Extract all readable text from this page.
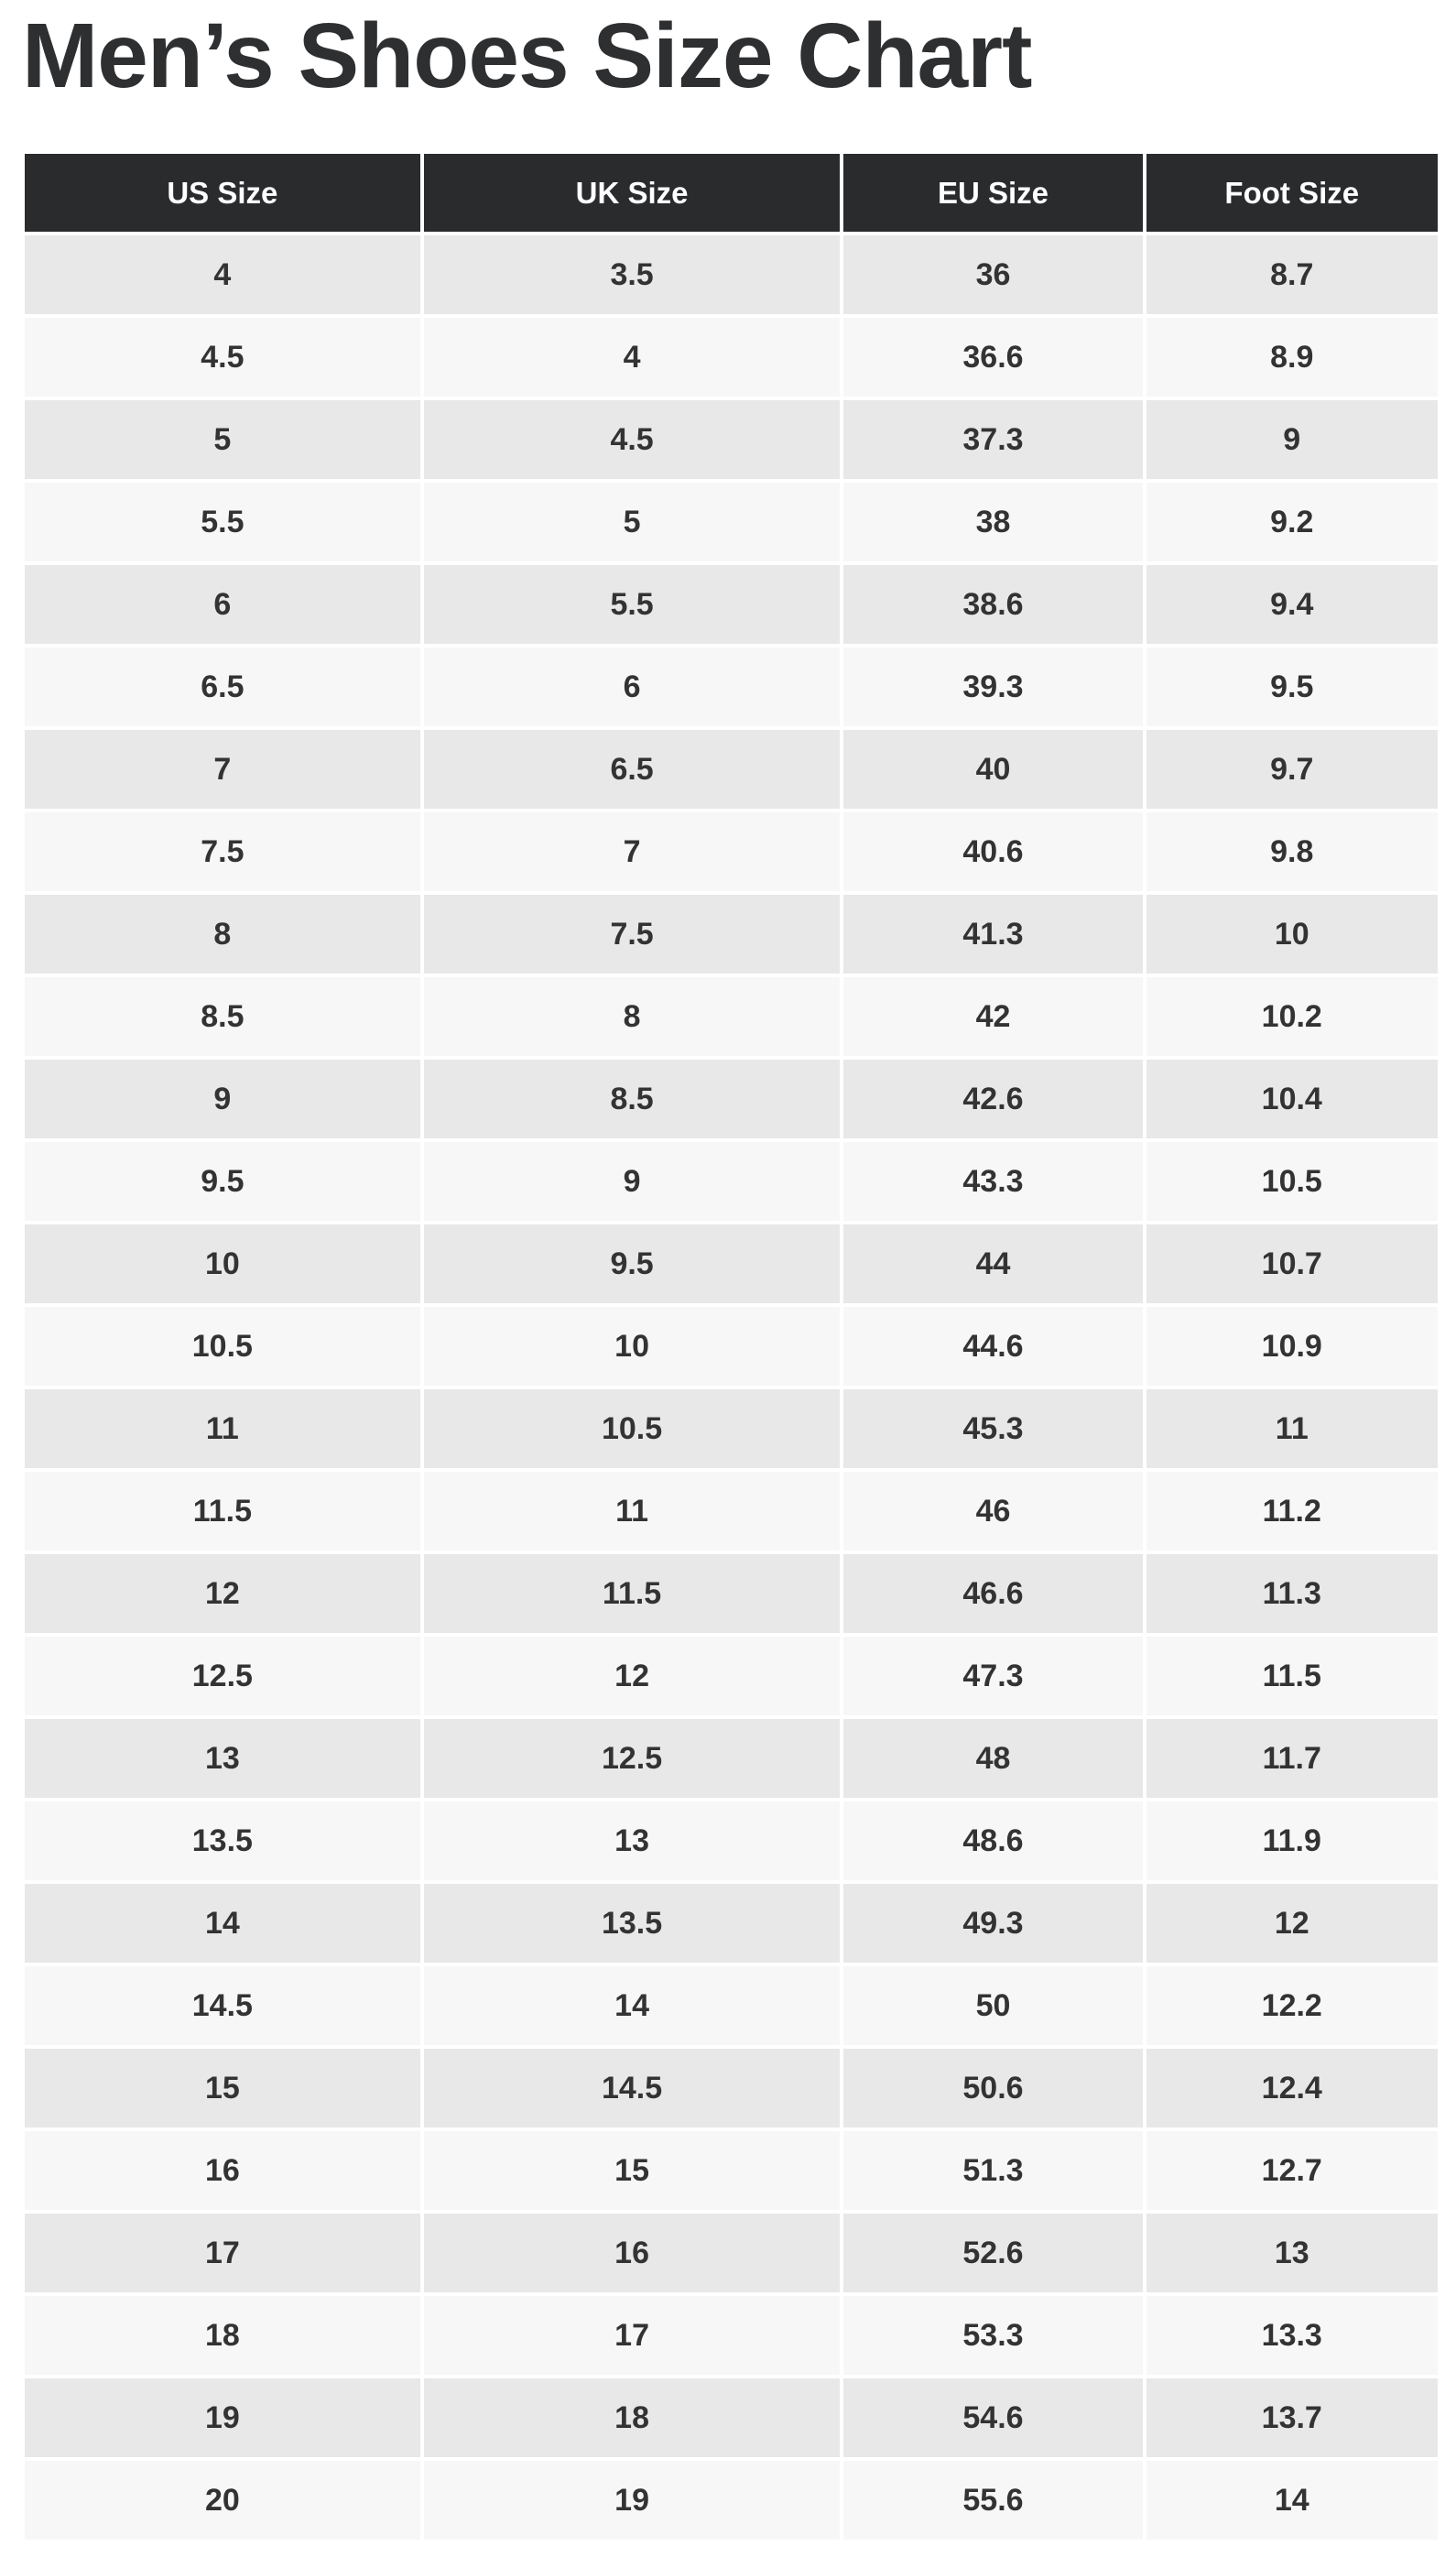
Men’s Shoes Size Chart
US Size	UK Size	EU Size	Foot Size
4	3.5	36	8.7
4.5	4	36.6	8.9
5	4.5	37.3	9
5.5	5	38	9.2
6	5.5	38.6	9.4
6.5	6	39.3	9.5
7	6.5	40	9.7
7.5	7	40.6	9.8
8	7.5	41.3	10
8.5	8	42	10.2
9	8.5	42.6	10.4
9.5	9	43.3	10.5
10	9.5	44	10.7
10.5	10	44.6	10.9
11	10.5	45.3	11
11.5	11	46	11.2
12	11.5	46.6	11.3
12.5	12	47.3	11.5
13	12.5	48	11.7
13.5	13	48.6	11.9
14	13.5	49.3	12
14.5	14	50	12.2
15	14.5	50.6	12.4
16	15	51.3	12.7
17	16	52.6	13
18	17	53.3	13.3
19	18	54.6	13.7
20	19	55.6	14
